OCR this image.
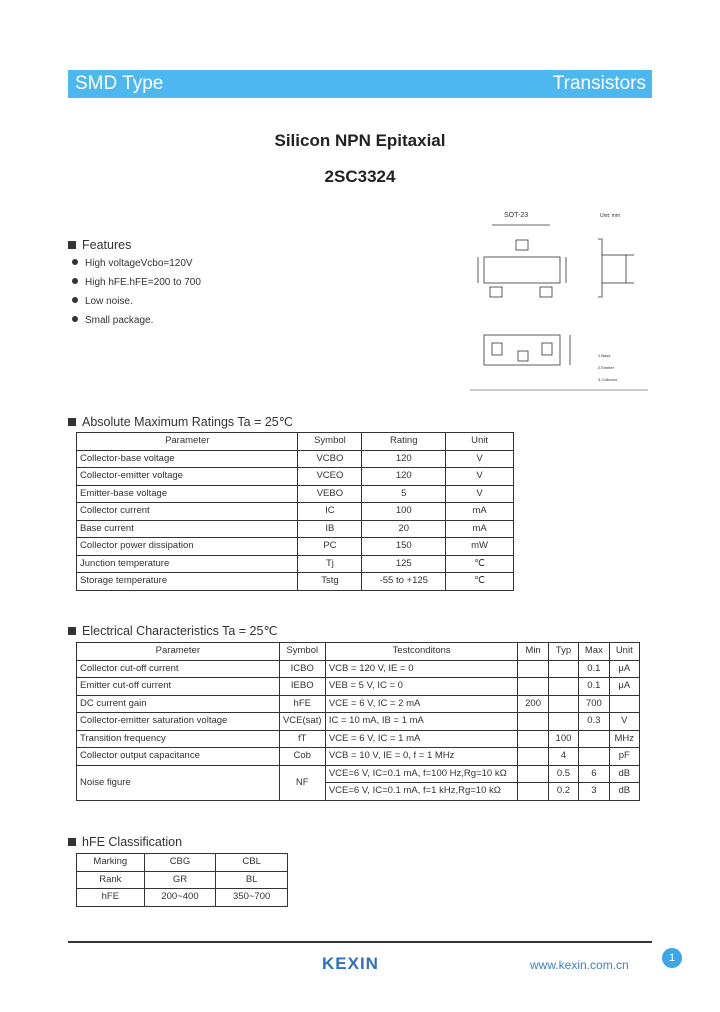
SMD Type	Transistors
Silicon NPN Epitaxial
2SC3324
Features
High voltageVcbo=120V
High hFE.hFE=200 to 700
Low noise.
Small package.
SOT-23	Unit: mm
1.Base
2.Emitter
3.Collector
Absolute Maximum Ratings Ta = 25℃
Parameter	Symbol	Rating	Unit
Collector-base voltage	VCBO	120	V
Collector-emitter voltage	VCEO	120	V
Emitter-base voltage	VEBO	5	V
Collector current	IC	100	mA
Base current	IB	20	mA
Collector power dissipation	PC	150	mW
Junction temperature	Tj	125	℃
Storage temperature	Tstg	-55 to +125	℃
Electrical Characteristics Ta = 25℃
Parameter	Symbol	Testconditons	Min	Typ	Max	Unit
Collector cut-off current	ICBO	VCB = 120 V, IE = 0			0.1	μA
Emitter cut-off current	IEBO	VEB = 5 V, IC = 0			0.1	μA
DC current gain	hFE	VCE = 6 V, IC = 2 mA	200		700	
Collector-emitter saturation voltage	VCE(sat)	IC = 10 mA, IB = 1 mA			0.3	V
Transition frequency	fT	VCE = 6 V, IC = 1 mA		100		MHz
Collector output capacitance	Cob	VCB = 10 V, IE = 0, f = 1 MHz		4		pF
Noise figure	NF	VCE=6 V, IC=0.1 mA, f=100 Hz,Rg=10 kΩ		0.5	6	dB
		VCE=6 V, IC=0.1 mA, f=1 kHz,Rg=10 kΩ		0.2	3	dB
hFE Classification
Marking	CBG	CBL
Rank	GR	BL
hFE	200~400	350~700
KEXIN	www.kexin.com.cn	1
